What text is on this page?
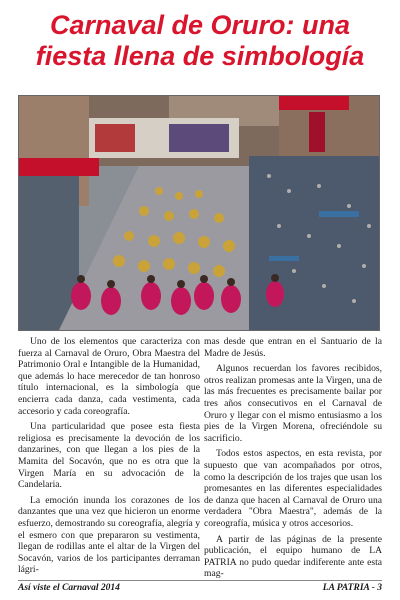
Carnaval de Oruro: una
fiesta llena de simbología

Uno de los elementos que caracteriza con fuerza al Carnaval de Oruro, Obra Maestra del Patrimonio Oral e Intangible de la Humanidad, que además lo hace merecedor de tan honroso título internacional, es la simbología que encierra cada danza, cada vestimenta, cada accesorio y cada coreografía.

Una particularidad que posee esta fiesta religiosa es precisamente la devoción de los danzarines, con que llegan a los pies de la Mamita del Socavón, que no es otra que la Virgen María en su advocación de la Candelaria.

La emoción inunda los corazones de los danzantes que una vez que hicieron un enorme esfuerzo, demostrando su coreografía, alegría y el esmero con que prepararon su vestimenta, llegan de rodillas ante el altar de la Virgen del Socavón, varios de los participantes derraman lágri-

mas desde que entran en el Santuario de la Madre de Jesús.

Algunos recuerdan los favores recibidos, otros realizan promesas ante la Virgen, una de las más frecuentes es precisamente bailar por tres años consecutivos en el Carnaval de Oruro y llegar con el mismo entusiasmo a los pies de la Virgen Morena, ofreciéndole su sacrificio.

Todos estos aspectos, en esta revista, por supuesto que van acompañados por otros, como la descripción de los trajes que usan los promesantes en las diferentes especialidades de danza que hacen al Carnaval de Oruro una verdadera "Obra Maestra", además de la coreografía, música y otros accesorios.

A partir de las páginas de la presente publicación, el equipo humano de LA PATRIA no pudo quedar indiferente ante esta mag-

Así viste el Carnaval 2014	LA PATRIA - 3
